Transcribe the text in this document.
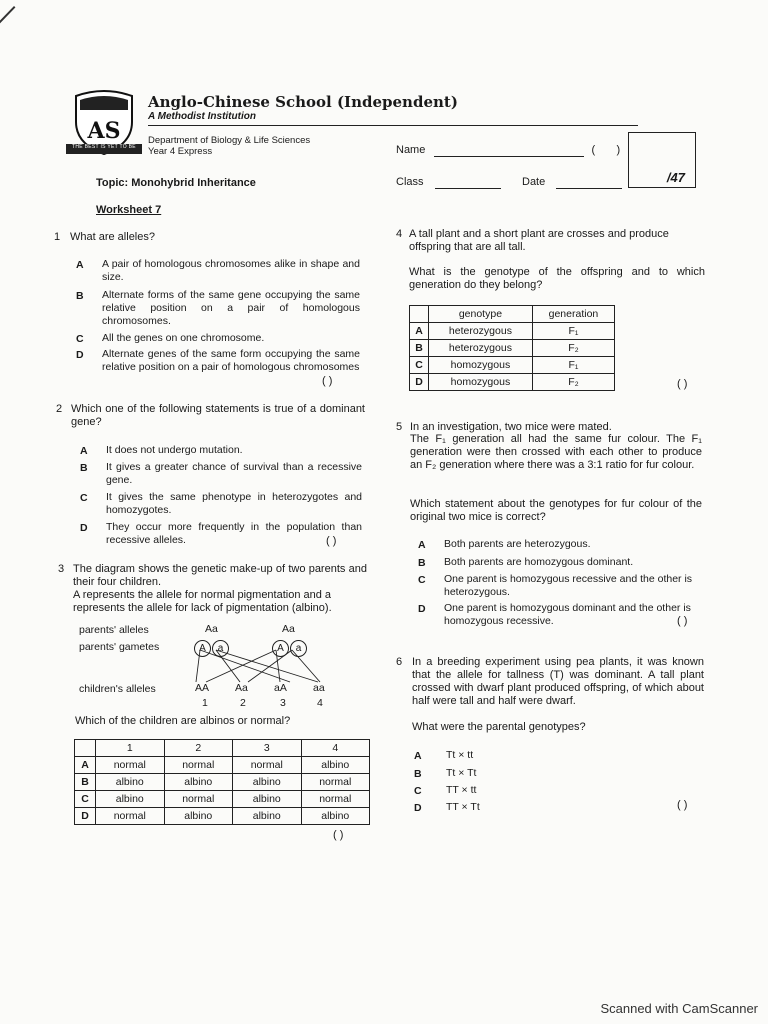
AS
THE BEST IS YET TO BE
Anglo-Chinese School (Independent)
A Methodist Institution
Department of Biology & Life Sciences
Year 4 Express	Name	(       )
/47
Topic: Monohybrid Inheritance	Class	Date
Worksheet 7
1 What are alleles?
A A pair of homologous chromosomes alike in shape and size.
B Alternate forms of the same gene occupying the same relative position on a pair of homologous chromosomes.
C All the genes on one chromosome.
D Alternate genes of the same form occupying the same relative position on a pair of homologous chromosomes
( )
2 Which one of the following statements is true of a dominant gene?
A It does not undergo mutation.
B It gives a greater chance of survival than a recessive gene.
C It gives the same phenotype in heterozygotes and homozygotes.
D They occur more frequently in the population than recessive alleles.	( )
3 The diagram shows the genetic make-up of two parents and their four children.
A represents the allele for normal pigmentation and a represents the allele for lack of pigmentation (albino).
parents' alleles
parents' gametes
children's alleles
Aa	Aa
A	a	A	a
AA Aa aA aa
1	2	3	4
Which of the children are albinos or normal?
	1	2	3	4
A	normal	normal	normal	albino
B	albino	albino	albino	normal
C	albino	normal	albino	normal
D	normal	albino	albino	albino
( )
4 A tall plant and a short plant are crosses and produce offspring that are all tall.
What is the genotype of the offspring and to which generation do they belong?
	genotype	generation
A	heterozygous	F₁
B	heterozygous	F₂
C	homozygous	F₁
D	homozygous	F₂	( )
5 In an investigation, two mice were mated.
The F₁ generation all had the same fur colour. The F₁ generation were then crossed with each other to produce an F₂ generation where there was a 3:1 ratio for fur colour.
Which statement about the genotypes for fur colour of the original two mice is correct?
A Both parents are heterozygous.
B Both parents are homozygous dominant.
C One parent is homozygous recessive and the other is heterozygous.
D One parent is homozygous dominant and the other is homozygous recessive.	( )
6 In a breeding experiment using pea plants, it was known that the allele for tallness (T) was dominant. A tall plant crossed with dwarf plant produced offspring, of which about half were tall and half were dwarf.
What were the parental genotypes?
A Tt × tt
B Tt × Tt
C TT × tt
D TT × Tt	( )
Scanned with CamScanner
